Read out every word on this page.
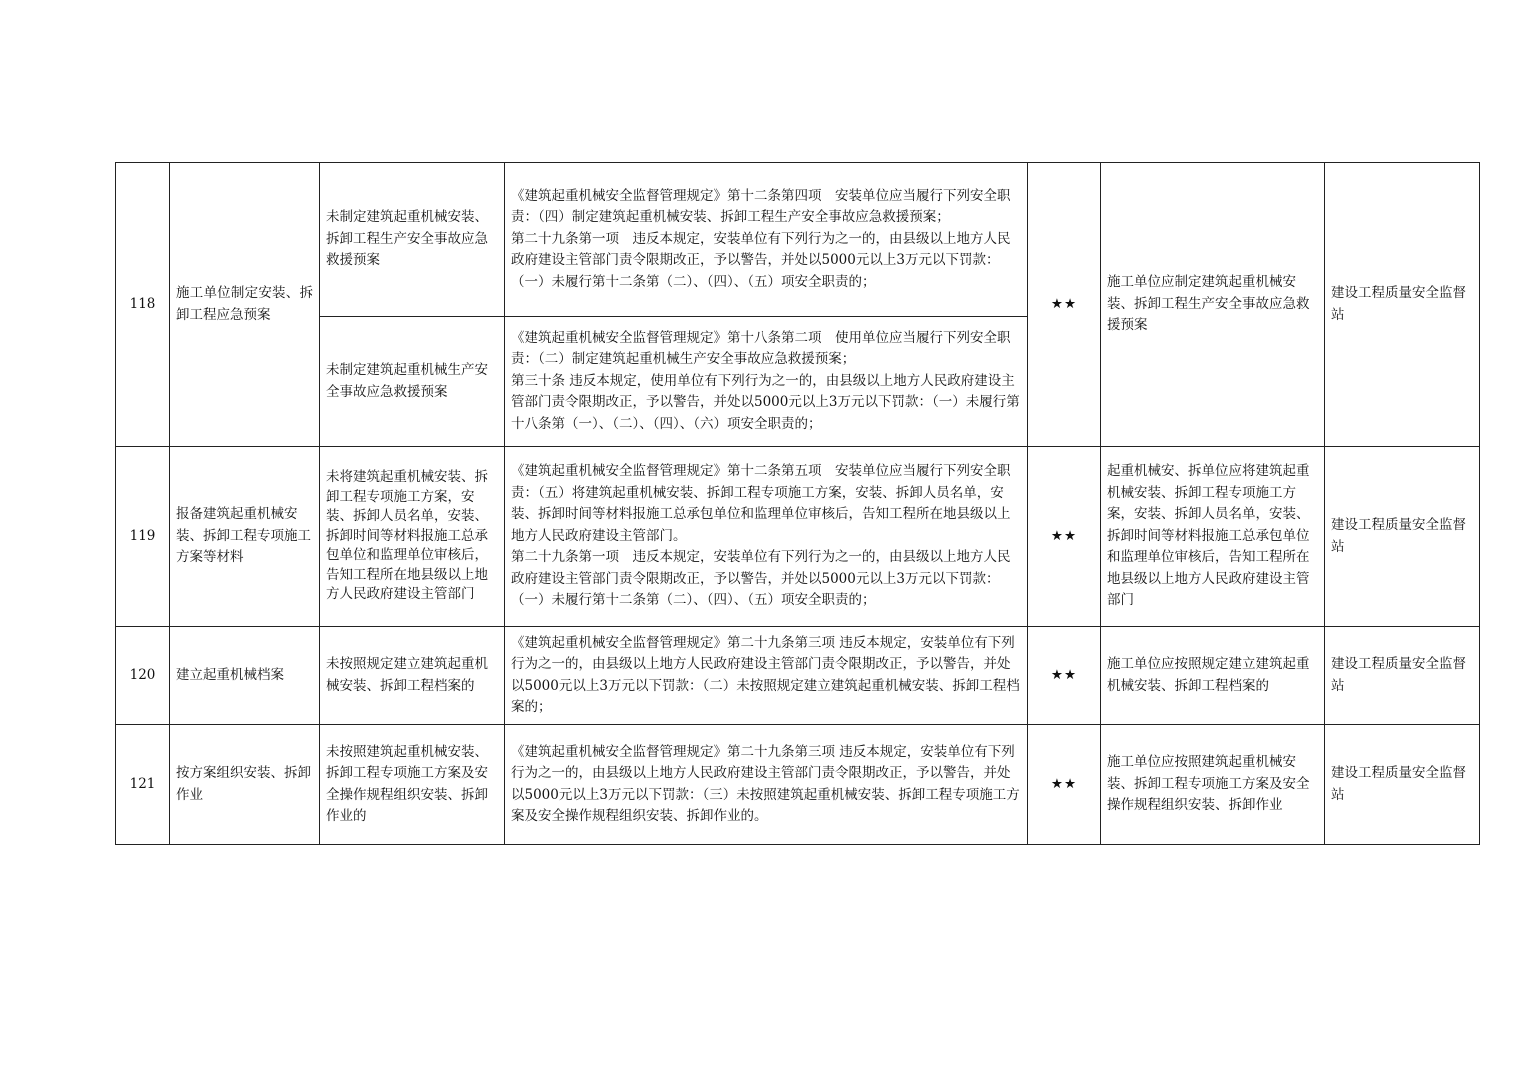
118	施工单位制定安装、拆卸工程应急预案	未制定建筑起重机械安装、拆卸工程生产安全事故应急救援预案	《建筑起重机械安全监督管理规定》第十二条第四项　安装单位应当履行下列安全职责：（四）制定建筑起重机械安装、拆卸工程生产安全事故应急救援预案；
第二十九条第一项　违反本规定，安装单位有下列行为之一的，由县级以上地方人民政府建设主管部门责令限期改正，予以警告，并处以5000元以上3万元以下罚款：（一）未履行第十二条第（二）、（四）、（五）项安全职责的；	★★	施工单位应制定建筑起重机械安装、拆卸工程生产安全事故应急救援预案	建设工程质量安全监督站
		未制定建筑起重机械生产安全事故应急救援预案	《建筑起重机械安全监督管理规定》第十八条第二项　使用单位应当履行下列安全职责：（二）制定建筑起重机械生产安全事故应急救援预案；
第三十条 违反本规定，使用单位有下列行为之一的，由县级以上地方人民政府建设主管部门责令限期改正，予以警告，并处以5000元以上3万元以下罚款：（一）未履行第十八条第（一）、（二）、（四）、（六）项安全职责的；			

119	报备建筑起重机械安装、拆卸工程专项施工方案等材料	未将建筑起重机械安装、拆卸工程专项施工方案，安装、拆卸人员名单，安装、拆卸时间等材料报施工总承包单位和监理单位审核后，告知工程所在地县级以上地方人民政府建设主管部门	《建筑起重机械安全监督管理规定》第十二条第五项　安装单位应当履行下列安全职责：（五）将建筑起重机械安装、拆卸工程专项施工方案，安装、拆卸人员名单，安装、拆卸时间等材料报施工总承包单位和监理单位审核后，告知工程所在地县级以上地方人民政府建设主管部门。
第二十九条第一项　违反本规定，安装单位有下列行为之一的，由县级以上地方人民政府建设主管部门责令限期改正，予以警告，并处以5000元以上3万元以下罚款：（一）未履行第十二条第（二）、（四）、（五）项安全职责的；	★★	起重机械安、拆单位应将建筑起重机械安装、拆卸工程专项施工方案，安装、拆卸人员名单，安装、拆卸时间等材料报施工总承包单位和监理单位审核后，告知工程所在地县级以上地方人民政府建设主管部门	建设工程质量安全监督站
120	建立起重机械档案	未按照规定建立建筑起重机械安装、拆卸工程档案的	《建筑起重机械安全监督管理规定》第二十九条第三项 违反本规定，安装单位有下列行为之一的，由县级以上地方人民政府建设主管部门责令限期改正，予以警告，并处以5000元以上3万元以下罚款：（二）未按照规定建立建筑起重机械安装、拆卸工程档案的；	★★	施工单位应按照规定建立建筑起重机械安装、拆卸工程档案的	建设工程质量安全监督站
121	按方案组织安装、拆卸作业	未按照建筑起重机械安装、拆卸工程专项施工方案及安全操作规程组织安装、拆卸作业的	《建筑起重机械安全监督管理规定》第二十九条第三项 违反本规定，安装单位有下列行为之一的，由县级以上地方人民政府建设主管部门责令限期改正，予以警告，并处以5000元以上3万元以下罚款：（三）未按照建筑起重机械安装、拆卸工程专项施工方案及安全操作规程组织安装、拆卸作业的。	★★	施工单位应按照建筑起重机械安装、拆卸工程专项施工方案及安全操作规程组织安装、拆卸作业	建设工程质量安全监督站
